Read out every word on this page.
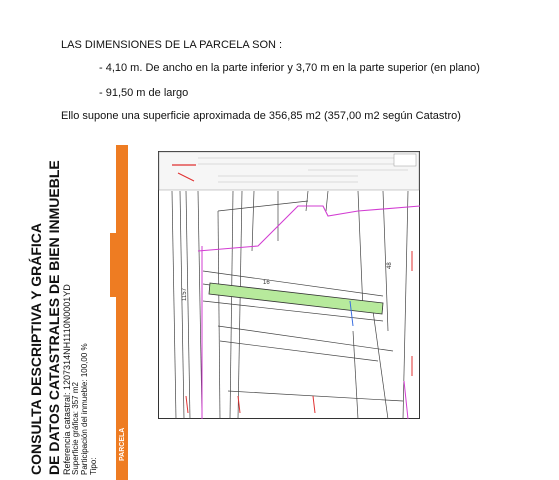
LAS DIMENSIONES DE LA PARCELA SON :
- 4,10 m. De ancho en la parte inferior y 3,70 m en la parte superior (en plano)
- 91,50 m de largo
Ello supone una superficie aproximada de 356,85 m2 (357,00 m2 según Catastro)
CONSULTA DESCRIPTIVA Y GRÁFICA DE DATOS CATASTRALES DE BIEN INMUEBLE Referencia catastral: 1207314NH1110N0001YD	PARCELA
Superficie gráfica: 357 m2 Participación del inmueble: 100,00 % Tipo:
1157
16
48
